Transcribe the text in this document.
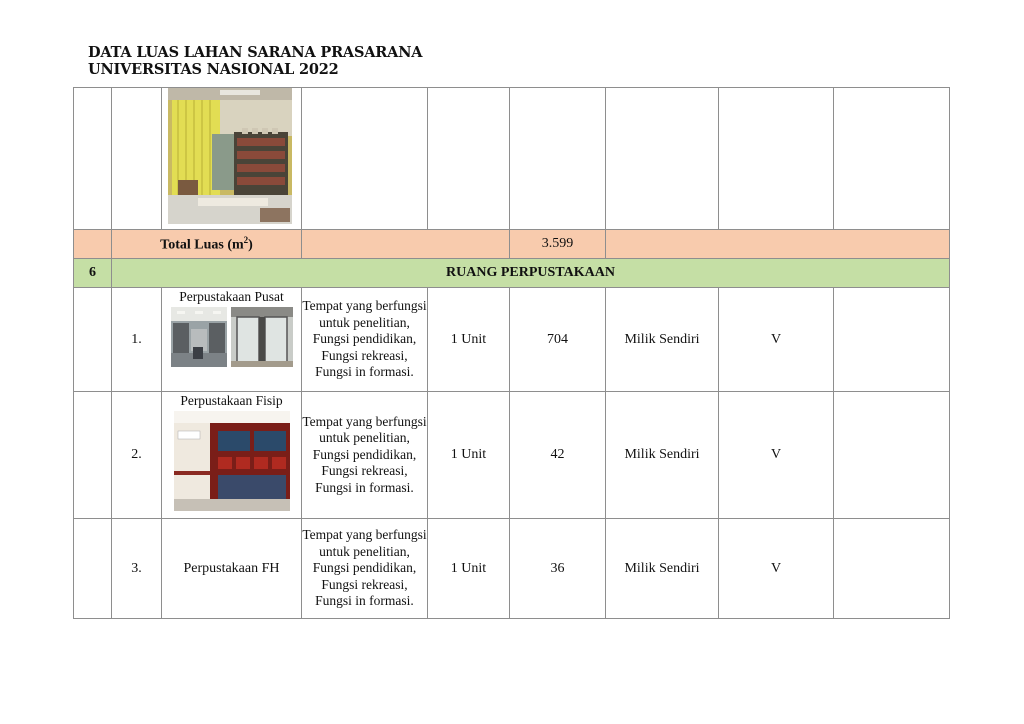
DATA LUAS LAHAN SARANA PRASARANA
UNIVERSITAS NASIONAL 2022

	Total Luas $(m^2)$				3.599			
6	RUANG PERPUSTAKAAN							
	1.	Perpustakaan Pusat	Tempat yang berfungsi untuk penelitian, Fungsi pendidikan, Fungsi rekreasi, Fungsi in formasi.	1 Unit	704	Milik Sendiri	V	
	2.	Perpustakaan Fisip	Tempat yang berfungsi untuk penelitian, Fungsi pendidikan, Fungsi rekreasi, Fungsi in formasi.	1 Unit	42	Milik Sendiri	V	
	3.	Perpustakaan FH	Tempat yang berfungsi untuk penelitian, Fungsi pendidikan, Fungsi rekreasi, Fungsi in formasi.	1 Unit	36	Milik Sendiri	V	
